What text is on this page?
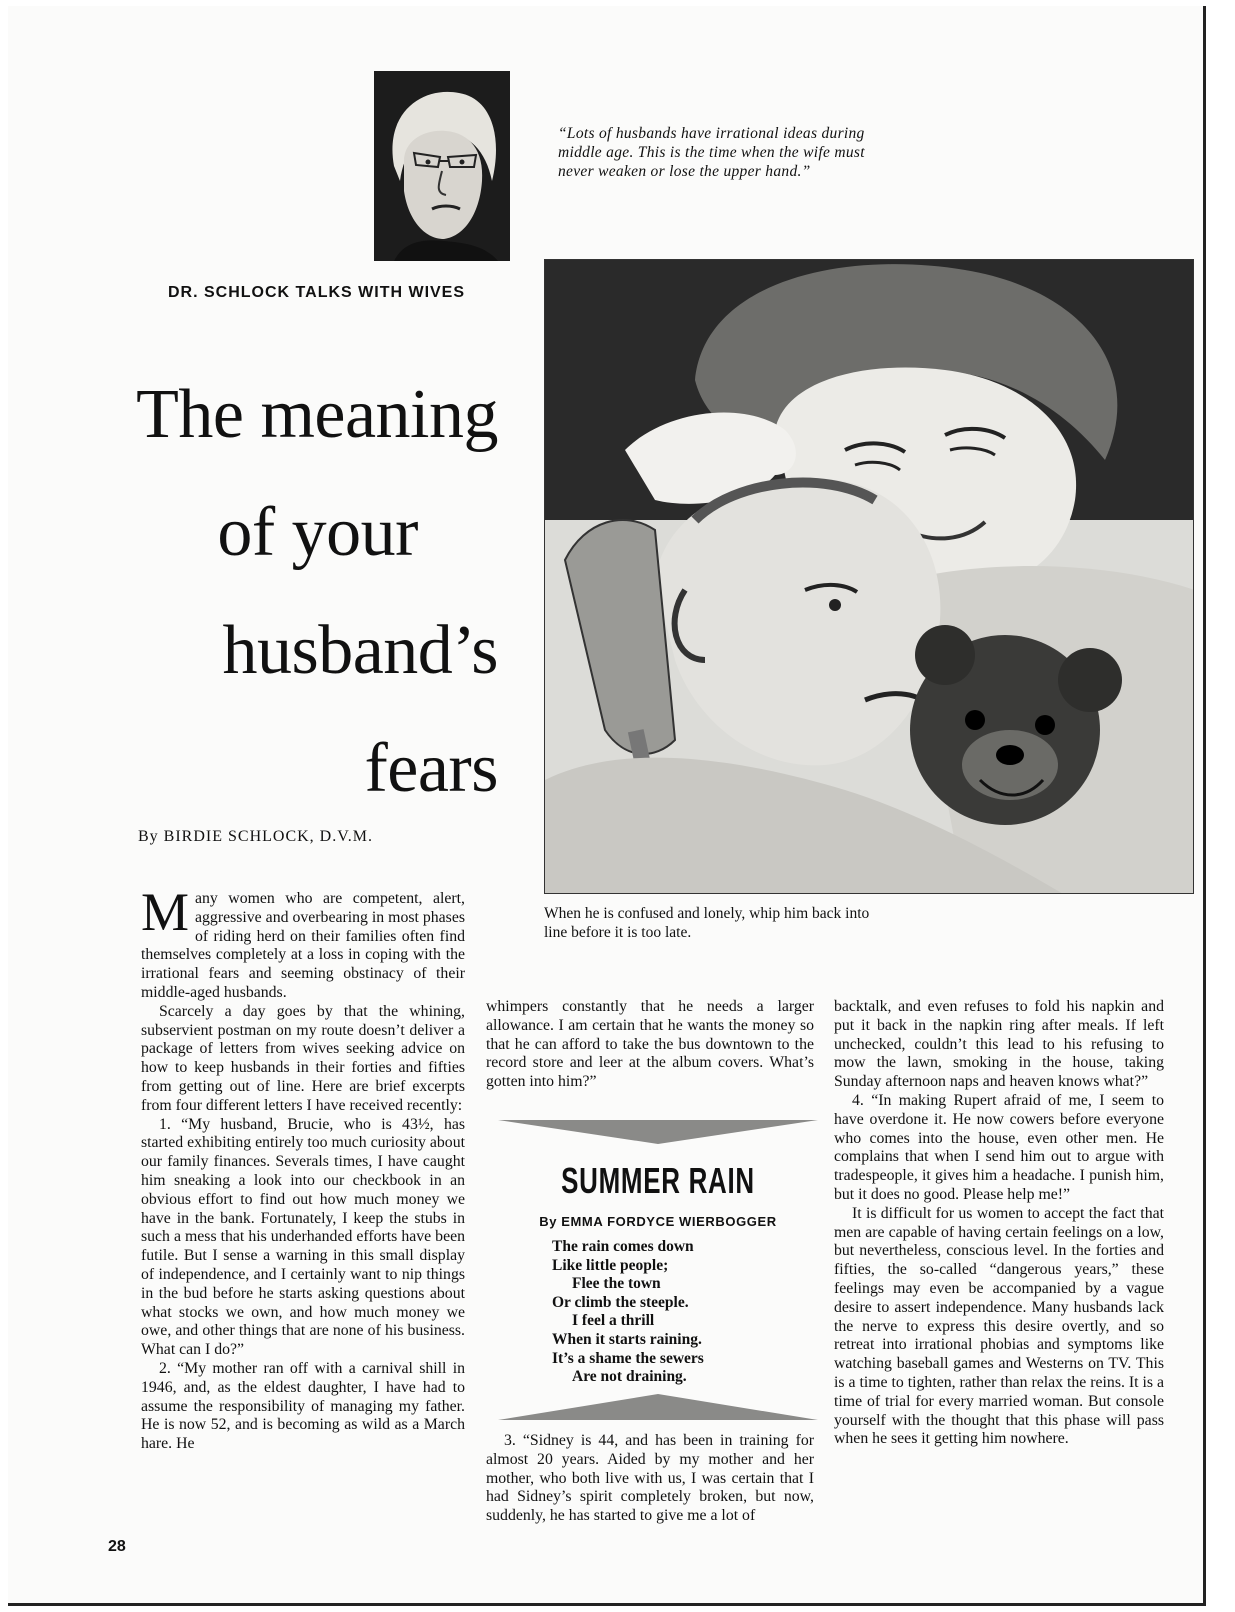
“Lots of husbands have irrational ideas during middle age. This is the time when the wife must never weaken or lose the upper hand.”
DR. SCHLOCK TALKS WITH WIVES
The meaning
of your
husband’s
fears
By BIRDIE SCHLOCK, D.V.M.
When he is confused and lonely, whip him back into line before it is too late.

Many women who are competent, alert, aggressive and overbearing in most phases of riding herd on their families often find themselves completely at a loss in coping with the irrational fears and seeming obstinacy of their middle-aged husbands.

Scarcely a day goes by that the whining, subservient postman on my route doesn’t deliver a package of letters from wives seeking advice on how to keep husbands in their forties and fifties from getting out of line. Here are brief excerpts from four different letters I have received recently:

1. “My husband, Brucie, who is 43½, has started exhibiting entirely too much curiosity about our family finances. Severals times, I have caught him sneaking a look into our checkbook in an obvious effort to find out how much money we have in the bank. Fortunately, I keep the stubs in such a mess that his underhanded efforts have been futile. But I sense a warning in this small display of independence, and I certainly want to nip things in the bud before he starts asking questions about what stocks we own, and how much money we owe, and other things that are none of his business. What can I do?”

2. “My mother ran off with a carnival shill in 1946, and, as the eldest daughter, I have had to assume the responsibility of managing my father. He is now 52, and is becoming as wild as a March hare. He

whimpers constantly that he needs a larger allowance. I am certain that he wants the money so that he can afford to take the bus downtown to the record store and leer at the album covers. What’s gotten into him?”

SUMMER RAIN
By EMMA FORDYCE WIERBOGGER
The rain comes down
Like little people;
Flee the town
Or climb the steeple.
I feel a thrill
When it starts raining.
It’s a shame the sewers
Are not draining.

3. “Sidney is 44, and has been in training for almost 20 years. Aided by my mother and her mother, who both live with us, I was certain that I had Sidney’s spirit completely broken, but now, suddenly, he has started to give me a lot of

backtalk, and even refuses to fold his napkin and put it back in the napkin ring after meals. If left unchecked, couldn’t this lead to his refusing to mow the lawn, smoking in the house, taking Sunday afternoon naps and heaven knows what?”

4. “In making Rupert afraid of me, I seem to have overdone it. He now cowers before everyone who comes into the house, even other men. He complains that when I send him out to argue with tradespeople, it gives him a headache. I punish him, but it does no good. Please help me!”

It is difficult for us women to accept the fact that men are capable of having certain feelings on a low, but nevertheless, conscious level. In the forties and fifties, the so-called “dangerous years,” these feelings may even be accompanied by a vague desire to assert independence. Many husbands lack the nerve to express this desire overtly, and so retreat into irrational phobias and symptoms like watching baseball games and Westerns on TV. This is a time to tighten, rather than relax the reins. It is a time of trial for every married woman. But console yourself with the thought that this phase will pass when he sees it getting him nowhere.

28
